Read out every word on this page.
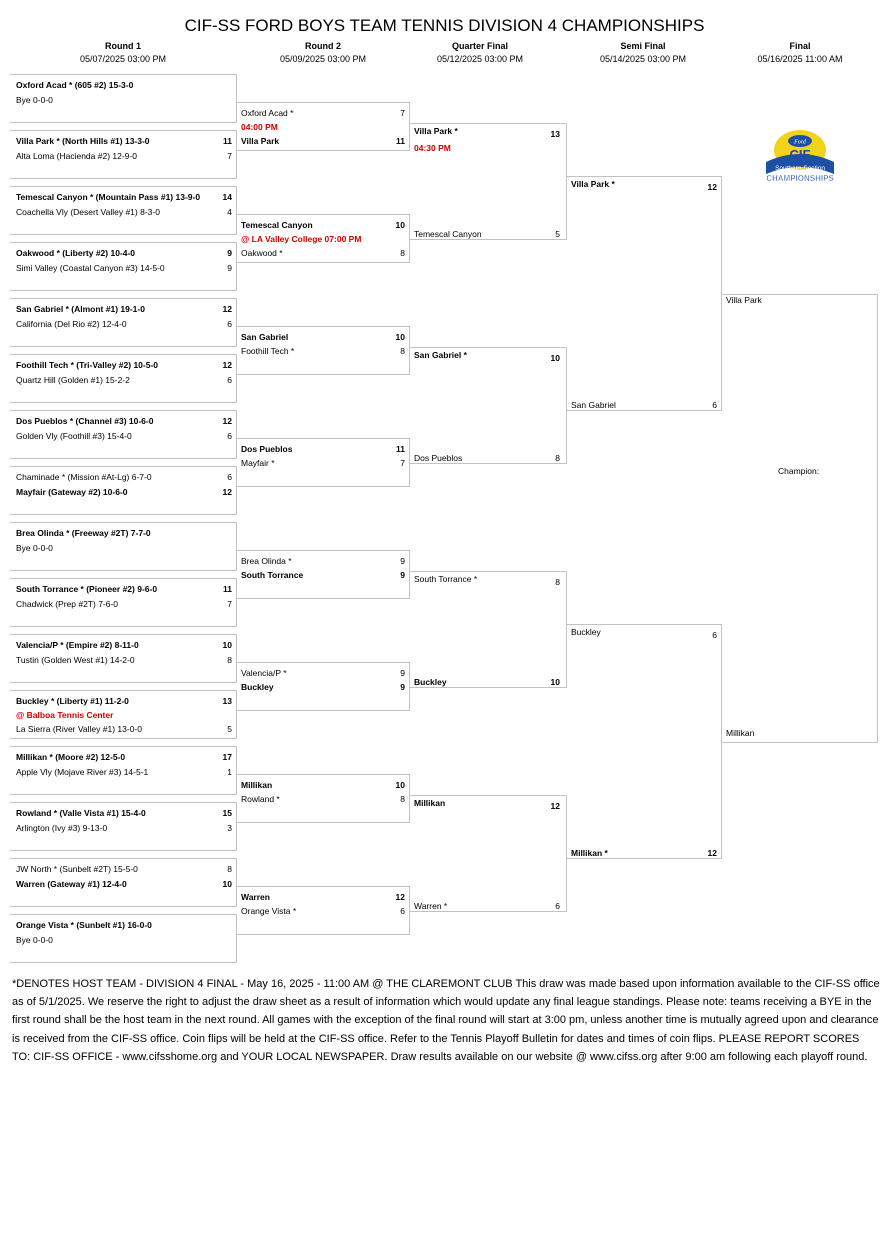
CIF-SS FORD BOYS TEAM TENNIS DIVISION 4 CHAMPIONSHIPS
Round 1
05/07/2025 03:00 PM
Round 2
05/09/2025 03:00 PM
Quarter Final
05/12/2025 03:00 PM
Semi Final
05/14/2025 03:00 PM
Final
05/16/2025 11:00 AM
Oxford Acad * (605 #2) 15-3-0
Bye 0-0-0
Villa Park * (North Hills #1) 13-3-0	11
Alta Loma (Hacienda #2) 12-9-0	7
Temescal Canyon * (Mountain Pass #1) 13-9-0	14
Coachella Vly (Desert Valley #1) 8-3-0	4
Oakwood * (Liberty #2) 10-4-0	9
Simi Valley (Coastal Canyon #3) 14-5-0	9
San Gabriel * (Almont #1) 19-1-0	12
California (Del Rio #2) 12-4-0	6
Foothill Tech * (Tri-Valley #2) 10-5-0	12
Quartz Hill (Golden #1) 15-2-2	6
Dos Pueblos * (Channel #3) 10-6-0	12
Golden Vly (Foothill #3) 15-4-0	6
Chaminade * (Mission #At-Lg) 6-7-0	6
Mayfair (Gateway #2) 10-6-0	12
Brea Olinda * (Freeway #2T) 7-7-0
Bye 0-0-0
South Torrance * (Pioneer #2) 9-6-0	11
Chadwick (Prep #2T) 7-6-0	7
Valencia/P * (Empire #2) 8-11-0	10
Tustin (Golden West #1) 14-2-0	8
Buckley * (Liberty #1) 11-2-0	13
@ Balboa Tennis Center
La Sierra (River Valley #1) 13-0-0	5
Millikan * (Moore #2) 12-5-0	17
Apple Vly (Mojave River #3) 14-5-1	1
Rowland * (Valle Vista #1) 15-4-0	15
Arlington (Ivy #3) 9-13-0	3
JW North * (Sunbelt #2T) 15-5-0	8
Warren (Gateway #1) 12-4-0	10
Orange Vista * (Sunbelt #1) 16-0-0
Bye 0-0-0
Oxford Acad *	7
04:00 PM
Villa Park	11
Temescal Canyon	10
@ LA Valley College 07:00 PM
Oakwood *	8
San Gabriel	10
Foothill Tech *	8
Dos Pueblos	11
Mayfair *	7
Brea Olinda *	9
South Torrance	9
Valencia/P *	9
Buckley	9
Millikan	10
Rowland *	8
Warren	12
Orange Vista *	6
Villa Park *	13
04:30 PM
Temescal Canyon	5
San Gabriel *	10
Dos Pueblos	8
South Torrance *	8
Buckley	10
Millikan	12
Warren *	6
Villa Park *	12
San Gabriel	6
Buckley	6
Millikan *	12
Villa Park
Millikan
Champion:
Ford
CIF
Southern Section
CHAMPIONSHIPS
*DENOTES HOST TEAM - DIVISION 4 FINAL - May 16, 2025 - 11:00 AM @ THE CLAREMONT CLUB This draw was made based upon information available to the CIF-SS office as of 5/1/2025. We reserve the right to adjust the draw sheet as a result of information which would update any final league standings. Please note: teams receiving a BYE in the first round shall be the host team in the next round. All games with the exception of the final round will start at 3:00 pm, unless another time is mutually agreed upon and clearance is received from the CIF-SS office. Coin flips will be held at the CIF-SS office. Refer to the Tennis Playoff Bulletin for dates and times of coin flips. PLEASE REPORT SCORES TO: CIF-SS OFFICE - www.cifsshome.org and YOUR LOCAL NEWSPAPER. Draw results available on our website @ www.cifss.org after 9:00 am following each playoff round.
